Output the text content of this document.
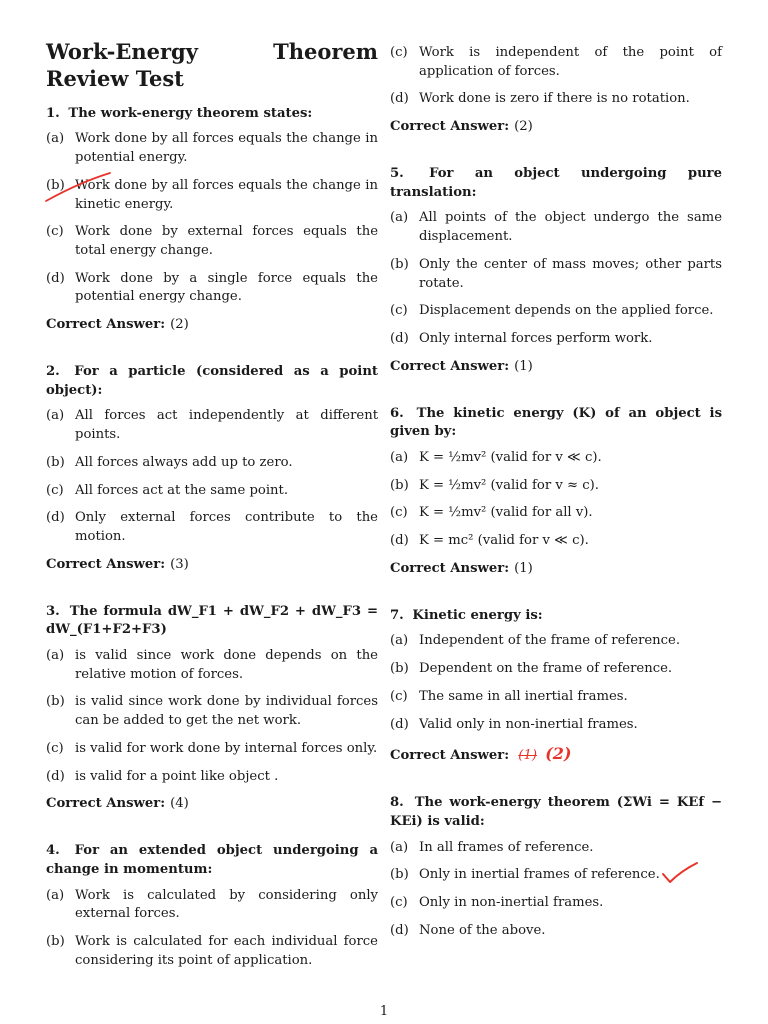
Work-Energy Theorem Review Test
1. The work-energy theorem states:
(a) Work done by all forces equals the change in potential energy.
(b) Work done by all forces equals the change in kinetic energy.
(c) Work done by external forces equals the total energy change.
(d) Work done by a single force equals the potential energy change.
Correct Answer: (2)
2. For a particle (considered as a point object):
(a) All forces act independently at different points.
(b) All forces always add up to zero.
(c) All forces act at the same point.
(d) Only external forces contribute to the motion.
Correct Answer: (3)
3. The formula dW_F1 + dW_F2 + dW_F3 = dW_(F1+F2+F3)
(a) is valid since work done depends on the relative motion of forces.
(b) is valid since work done by individual forces can be added to get the net work.
(c) is valid for work done by internal forces only.
(d) is valid for a point like object .
Correct Answer: (4)
4. For an extended object undergoing a change in momentum:
(a) Work is calculated by considering only external forces.
(b) Work is calculated for each individual force considering its point of application.
(c) Work is independent of the point of application of forces.
(d) Work done is zero if there is no rotation.
Correct Answer: (2)
5. For an object undergoing pure translation:
(a) All points of the object undergo the same displacement.
(b) Only the center of mass moves; other parts rotate.
(c) Displacement depends on the applied force.
(d) Only internal forces perform work.
Correct Answer: (1)
6. The kinetic energy (K) of an object is given by:
(a) K = ½mv² (valid for v ≪ c).
(b) K = ½mv² (valid for v ≈ c).
(c) K = ½mv² (valid for all v).
(d) K = mc² (valid for v ≪ c).
Correct Answer: (1)
7. Kinetic energy is:
(a) Independent of the frame of reference.
(b) Dependent on the frame of reference.
(c) The same in all inertial frames.
(d) Valid only in non-inertial frames.
Correct Answer: (1) (2)
8. The work-energy theorem (ΣWi = KEf − KEi) is valid:
(a) In all frames of reference.
(b) Only in inertial frames of reference.
(c) Only in non-inertial frames.
(d) None of the above.
1
